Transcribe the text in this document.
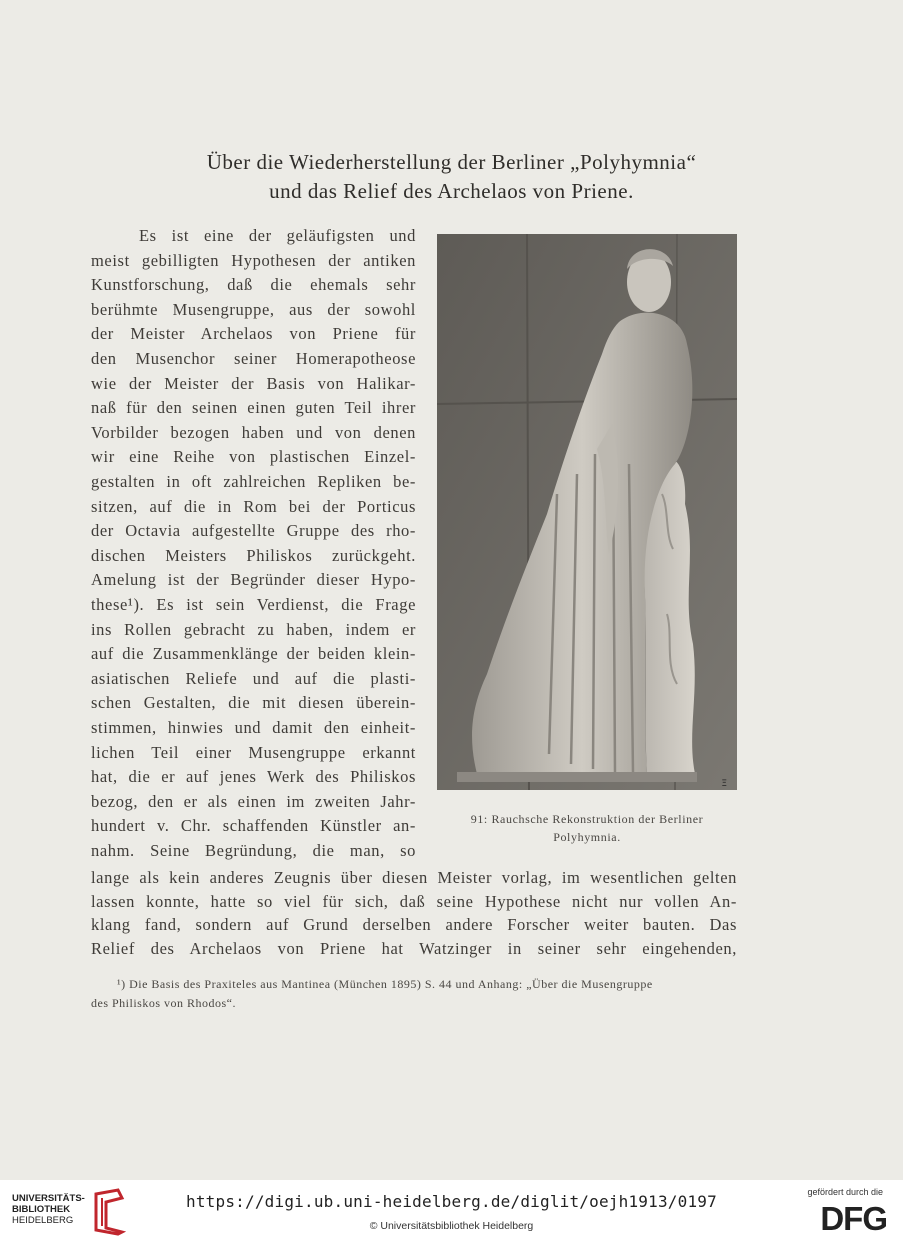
Über die Wiederherstellung der Berliner „Polyhymnia“
und das Relief des Archelaos von Priene.
Es ist eine der geläufigsten und
meist gebilligten Hypothesen der antiken
Kunstforschung, daß die ehemals sehr
berühmte Musengruppe, aus der sowohl
der Meister Archelaos von Priene für
den Musenchor seiner Homerapotheose
wie der Meister der Basis von Halikar-
naß für den seinen einen guten Teil ihrer
Vorbilder bezogen haben und von denen
wir eine Reihe von plastischen Einzel-
gestalten in oft zahlreichen Repliken be-
sitzen, auf die in Rom bei der Porticus
der Octavia aufgestellte Gruppe des rho-
dischen Meisters Philiskos zurückgeht.
Amelung ist der Begründer dieser Hypo-
these¹). Es ist sein Verdienst, die Frage
ins Rollen gebracht zu haben, indem er
auf die Zusammenklänge der beiden klein-
asiatischen Reliefe und auf die plasti-
schen Gestalten, die mit diesen überein-
stimmen, hinwies und damit den einheit-
lichen Teil einer Musengruppe erkannt
hat, die er auf jenes Werk des Philiskos
bezog, den er als einen im zweiten Jahr-
hundert v. Chr. schaffenden Künstler an-
nahm. Seine Begründung, die man, so
lange als kein anderes Zeugnis über diesen Meister vorlag, im wesentlichen gelten
lassen konnte, hatte so viel für sich, daß seine Hypothese nicht nur vollen An-
klang fand, sondern auf Grund derselben andere Forscher weiter bauten. Das
Relief des Archelaos von Priene hat Watzinger in seiner sehr eingehenden,
Ξ
91: Rauchsche Rekonstruktion der Berliner
Polyhymnia.
¹) Die Basis des Praxiteles aus Mantinea (München 1895) S. 44 und Anhang: „Über die Musengruppe
des Philiskos von Rhodos“.
UNIVERSITÄTS-
BIBLIOTHEK
HEIDELBERG
https://digi.ub.uni-heidelberg.de/diglit/oejh1913/0197
© Universitätsbibliothek Heidelberg
gefördert durch die
DFG
